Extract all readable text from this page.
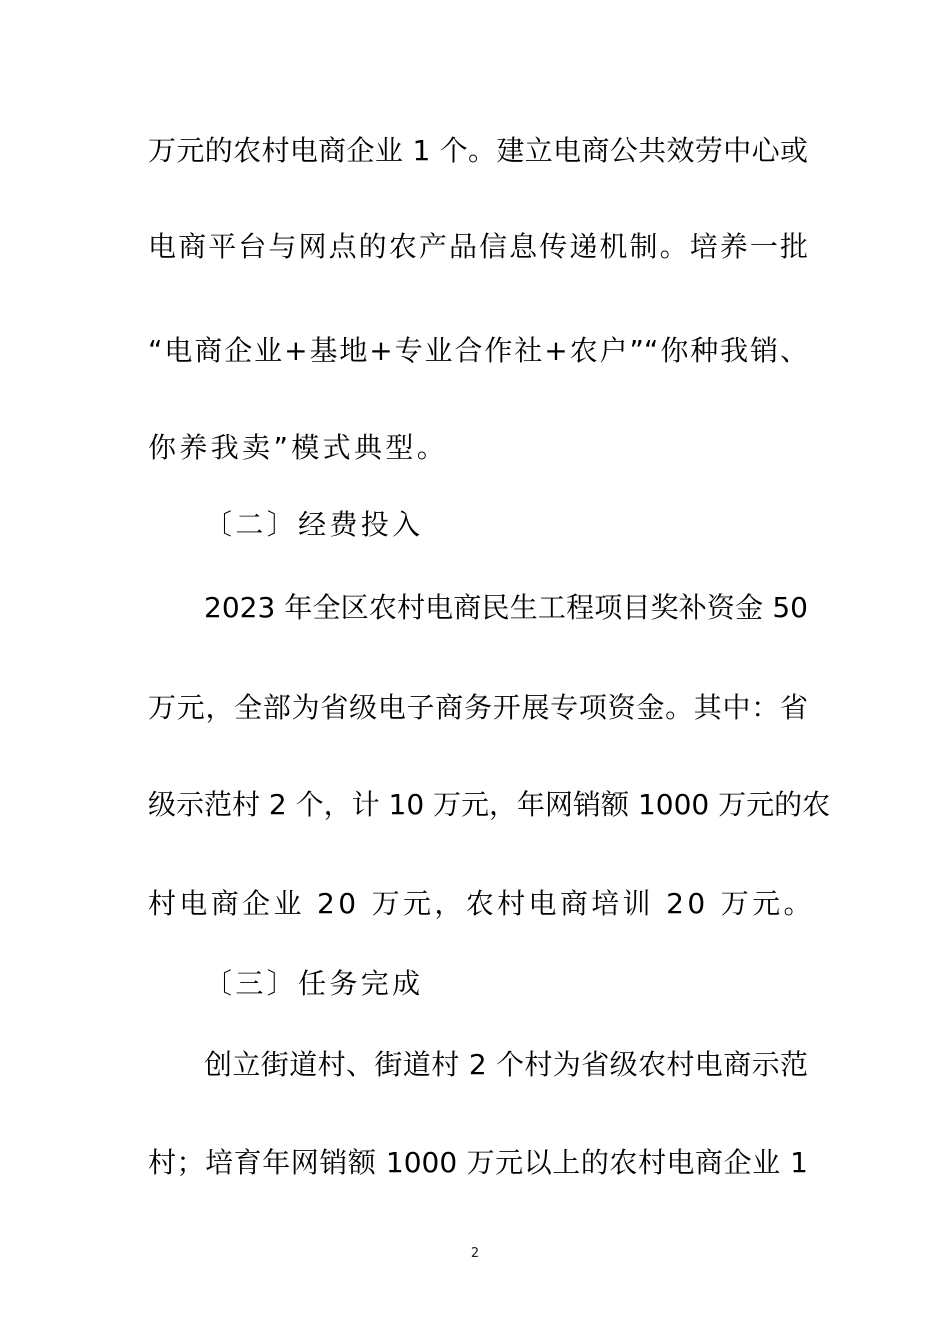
万元的农村电商企业 1 个。建立电商公共效劳中心或
电商平台与网点的农产品信息传递机制。培养一批
“电商企业+基地+专业合作社+农户”“你种我销、
你养我卖”模式典型。
〔二〕经费投入
2023 年全区农村电商民生工程项目奖补资金 50
万元，全部为省级电子商务开展专项资金。其中：省
级示范村 2 个，计 10 万元，年网销额 1000 万元的农
村电商企业 20 万元，农村电商培训 20 万元。
〔三〕任务完成
创立街道村、街道村 2 个村为省级农村电商示范
村；培育年网销额 1000 万元以上的农村电商企业 1
2
